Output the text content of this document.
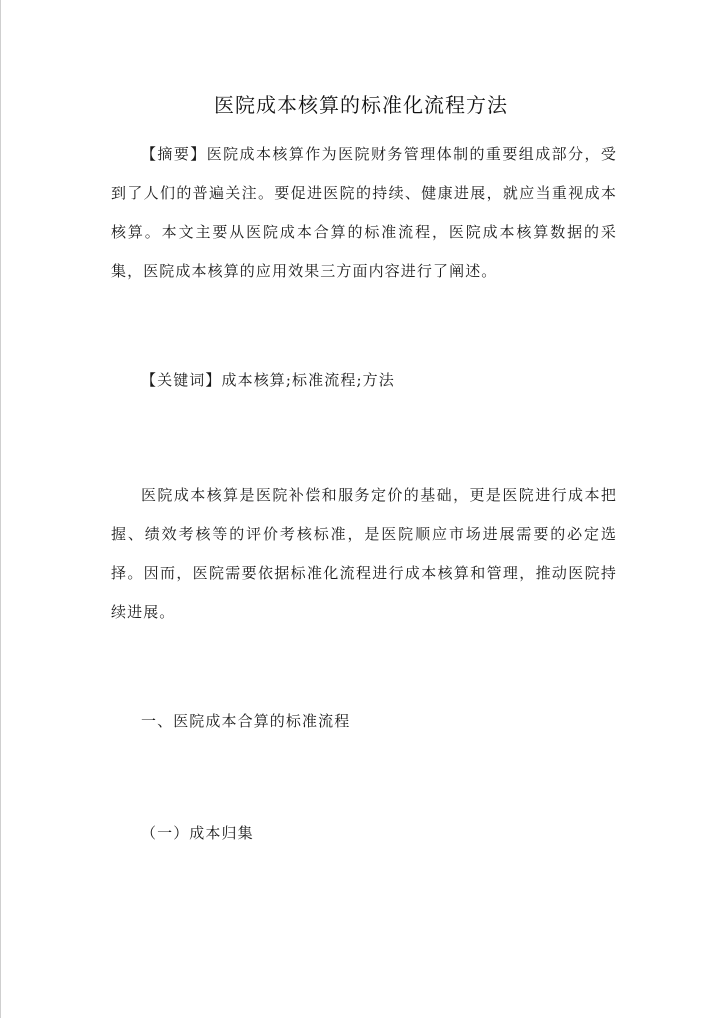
医院成本核算的标准化流程方法

【摘要】医院成本核算作为医院财务管理体制的重要组成部分，受到了人们的普遍关注。要促进医院的持续、健康进展，就应当重视成本核算。本文主要从医院成本合算的标准流程，医院成本核算数据的采集，医院成本核算的应用效果三方面内容进行了阐述。

【关键词】成本核算;标准流程;方法

医院成本核算是医院补偿和服务定价的基础，更是医院进行成本把握、绩效考核等的评价考核标准，是医院顺应市场进展需要的必定选择。因而，医院需要依据标准化流程进行成本核算和管理，推动医院持续进展。

一、医院成本合算的标准流程
（一）成本归集
